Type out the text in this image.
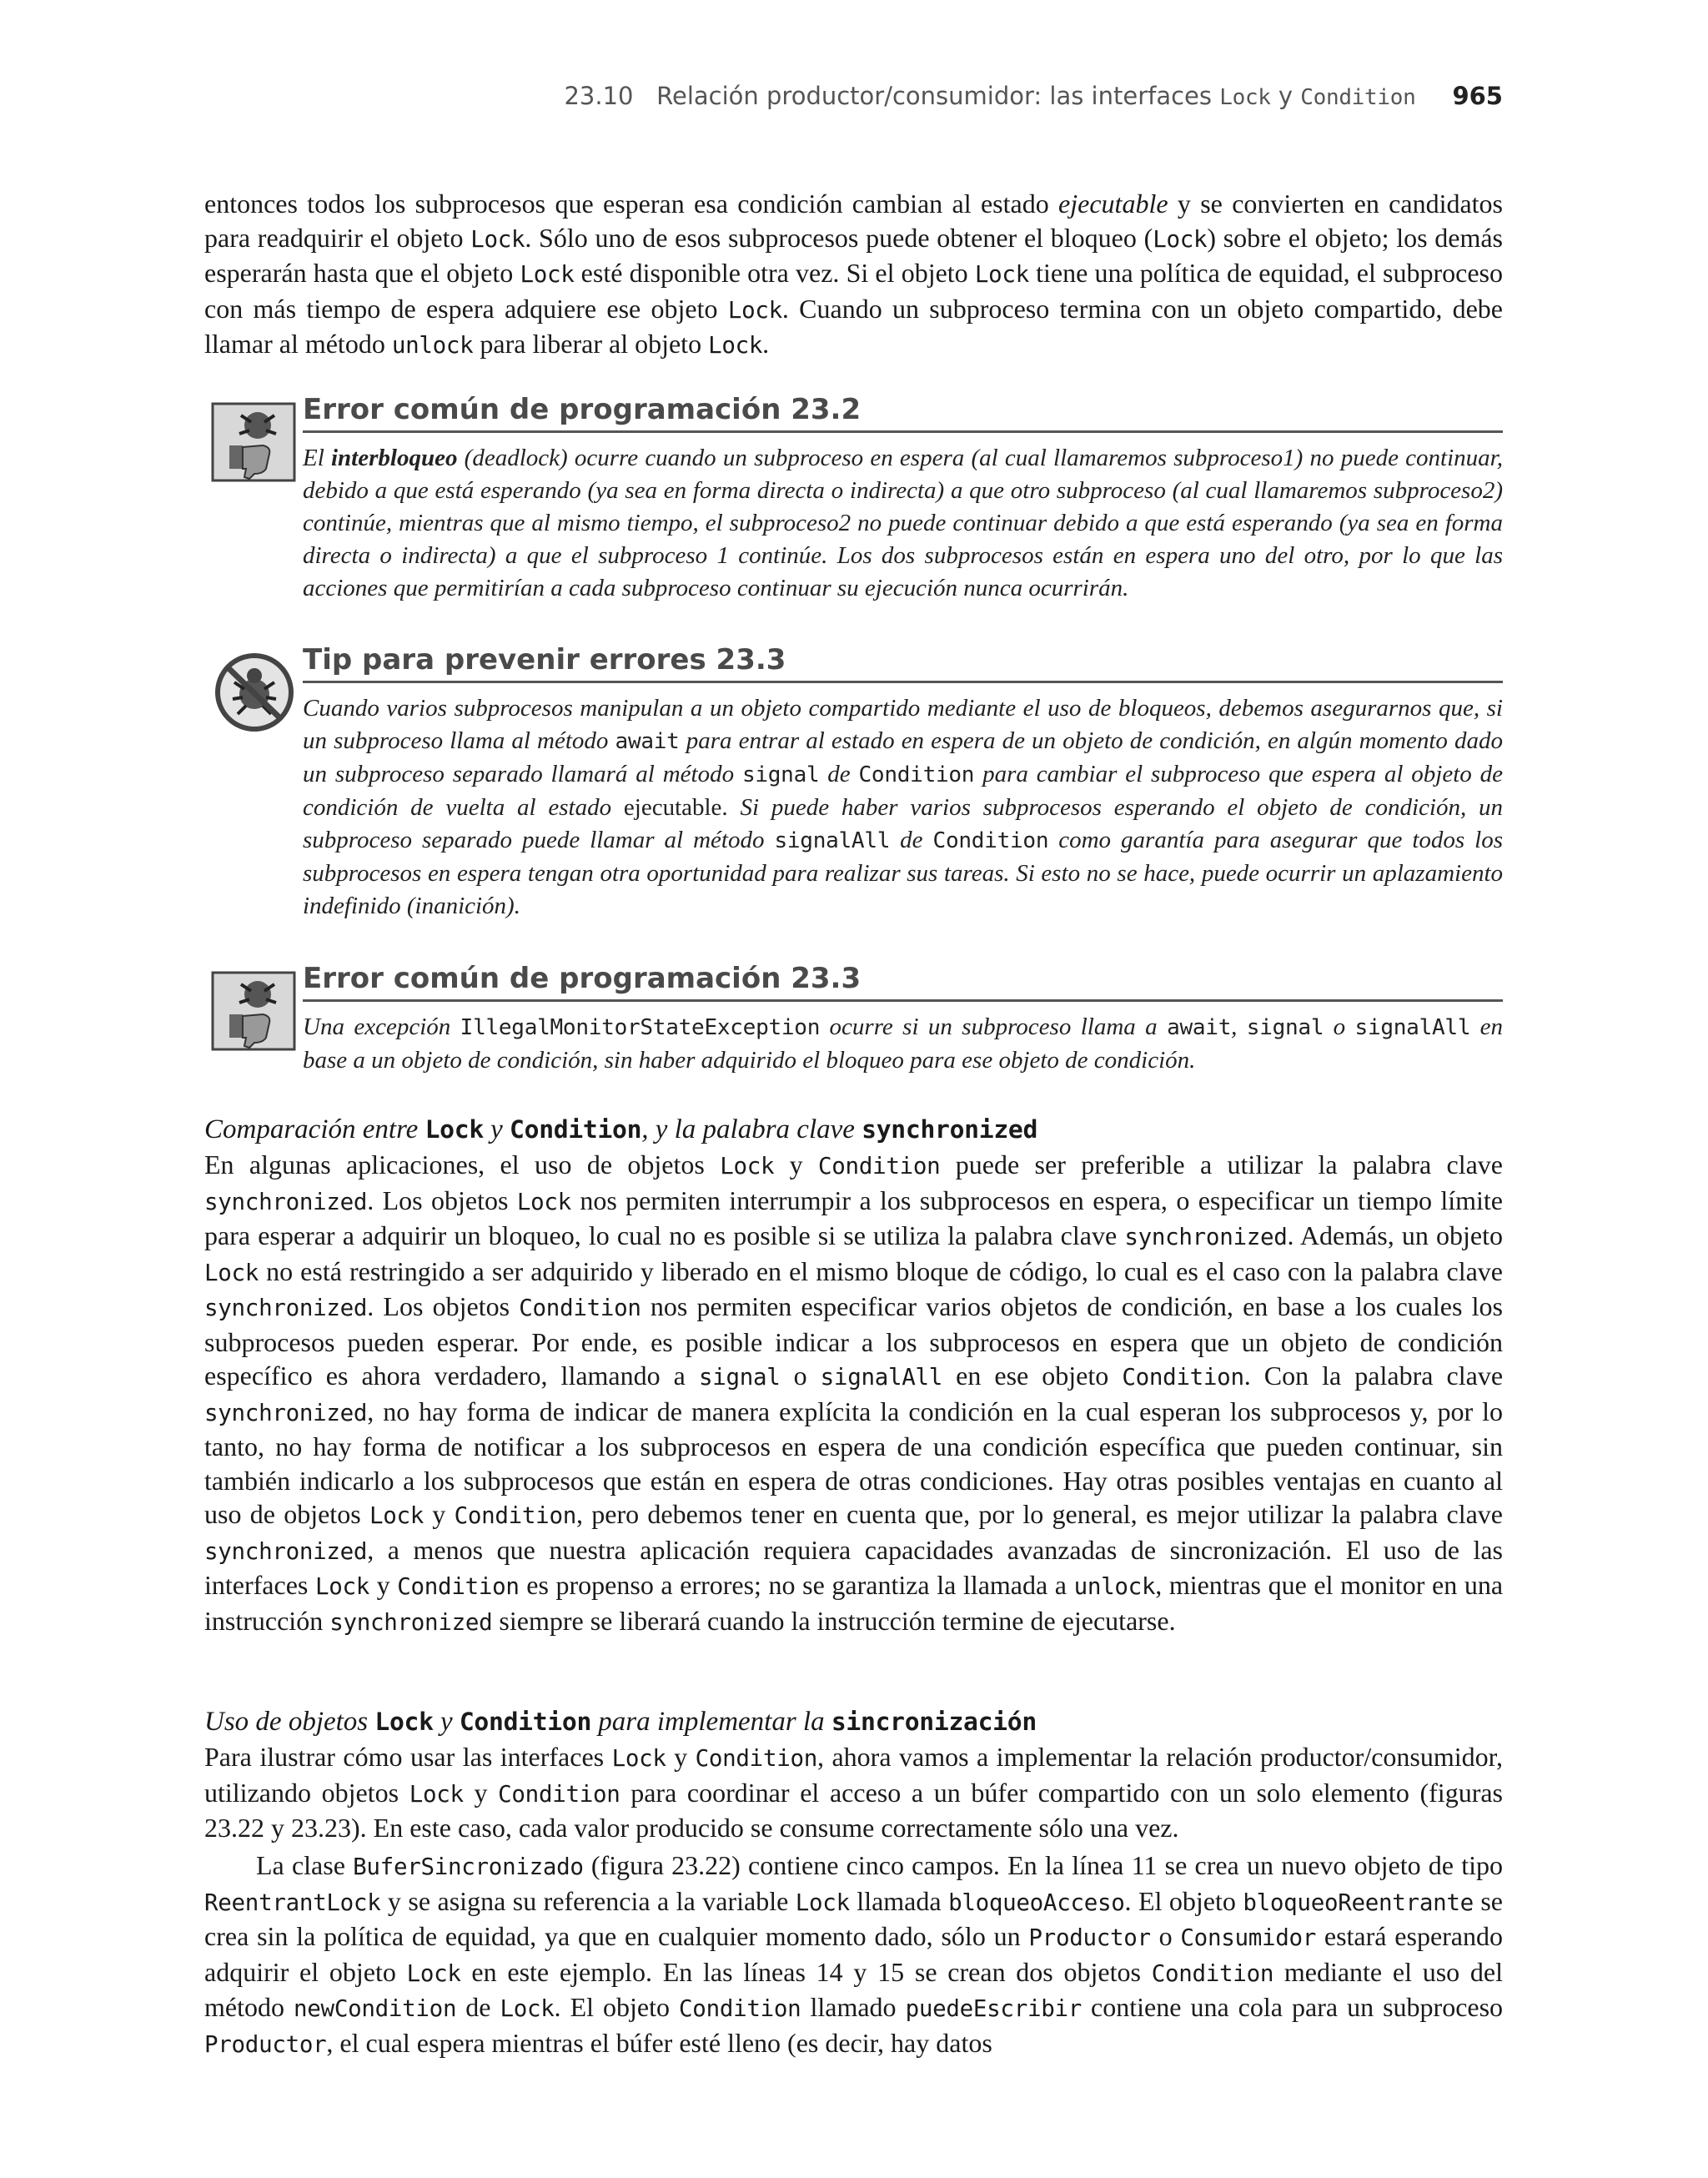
23.10 Relación productor/consumidor: las interfaces Lock y Condition 965

entonces todos los subprocesos que esperan esa condición cambian al estado ejecutable y se convierten en candidatos para readquirir el objeto Lock. Sólo uno de esos subprocesos puede obtener el bloqueo (Lock) sobre el objeto; los demás esperarán hasta que el objeto Lock esté disponible otra vez. Si el objeto Lock tiene una política de equidad, el subproceso con más tiempo de espera adquiere ese objeto Lock. Cuando un subproceso termina con un objeto compartido, debe llamar al método unlock para liberar al objeto Lock.

Error común de programación 23.2

El interbloqueo (deadlock) ocurre cuando un subproceso en espera (al cual llamaremos subproceso1) no puede continuar, debido a que está esperando (ya sea en forma directa o indirecta) a que otro subproceso (al cual llamaremos subproceso2) continúe, mientras que al mismo tiempo, el subproceso2 no puede continuar debido a que está esperando (ya sea en forma directa o indirecta) a que el subproceso 1 continúe. Los dos subprocesos están en espera uno del otro, por lo que las acciones que permitirían a cada subproceso continuar su ejecución nunca ocurrirán.

Tip para prevenir errores 23.3

Cuando varios subprocesos manipulan a un objeto compartido mediante el uso de bloqueos, debemos asegurarnos que, si un subproceso llama al método await para entrar al estado en espera de un objeto de condición, en algún momento dado un subproceso separado llamará al método signal de Condition para cambiar el subproceso que espera al objeto de condición de vuelta al estado ejecutable. Si puede haber varios subprocesos esperando el objeto de condición, un subproceso separado puede llamar al método signalAll de Condition como garantía para asegurar que todos los subprocesos en espera tengan otra oportunidad para realizar sus tareas. Si esto no se hace, puede ocurrir un aplazamiento indefinido (inanición).

Error común de programación 23.3

Una excepción IllegalMonitorStateException ocurre si un subproceso llama a await, signal o signalAll en base a un objeto de condición, sin haber adquirido el bloqueo para ese objeto de condición.

Comparación entre Lock y Condition, y la palabra clave synchronized

En algunas aplicaciones, el uso de objetos Lock y Condition puede ser preferible a utilizar la palabra clave synchronized. Los objetos Lock nos permiten interrumpir a los subprocesos en espera, o especificar un tiempo límite para esperar a adquirir un bloqueo, lo cual no es posible si se utiliza la palabra clave synchronized. Además, un objeto Lock no está restringido a ser adquirido y liberado en el mismo bloque de código, lo cual es el caso con la palabra clave synchronized. Los objetos Condition nos permiten especificar varios objetos de condición, en base a los cuales los subprocesos pueden esperar. Por ende, es posible indicar a los subprocesos en espera que un objeto de condición específico es ahora verdadero, llamando a signal o signalAll en ese objeto Condition. Con la palabra clave synchronized, no hay forma de indicar de manera explícita la condición en la cual esperan los subprocesos y, por lo tanto, no hay forma de notificar a los subprocesos en espera de una condición específica que pueden continuar, sin también indicarlo a los subprocesos que están en espera de otras condiciones. Hay otras posibles ventajas en cuanto al uso de objetos Lock y Condition, pero debemos tener en cuenta que, por lo general, es mejor utilizar la palabra clave synchronized, a menos que nuestra aplicación requiera capacidades avanzadas de sincronización. El uso de las interfaces Lock y Condition es propenso a errores; no se garantiza la llamada a unlock, mientras que el monitor en una instrucción synchronized siempre se liberará cuando la instrucción termine de ejecutarse.

Uso de objetos Lock y Condition para implementar la sincronización

Para ilustrar cómo usar las interfaces Lock y Condition, ahora vamos a implementar la relación productor/consumidor, utilizando objetos Lock y Condition para coordinar el acceso a un búfer compartido con un solo elemento (figuras 23.22 y 23.23). En este caso, cada valor producido se consume correctamente sólo una vez.

La clase BuferSincronizado (figura 23.22) contiene cinco campos. En la línea 11 se crea un nuevo objeto de tipo ReentrantLock y se asigna su referencia a la variable Lock llamada bloqueoAcceso. El objeto bloqueoReentrante se crea sin la política de equidad, ya que en cualquier momento dado, sólo un Productor o Consumidor estará esperando adquirir el objeto Lock en este ejemplo. En las líneas 14 y 15 se crean dos objetos Condition mediante el uso del método newCondition de Lock. El objeto Condition llamado puedeEscribir contiene una cola para un subproceso Productor, el cual espera mientras el búfer esté lleno (es decir, hay datos
